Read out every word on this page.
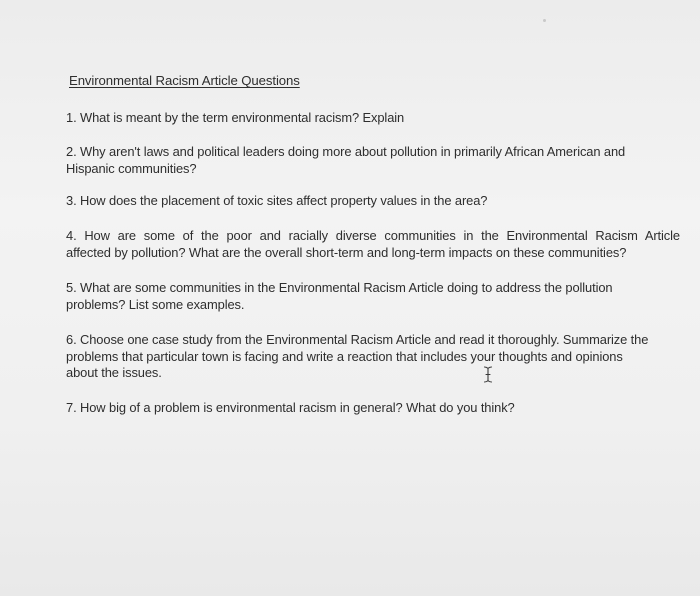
Environmental Racism Article Questions
1. What is meant by the term environmental racism? Explain
2. Why aren't laws and political leaders doing more about pollution in primarily African American and
Hispanic communities?
3. How does the placement of toxic sites affect property values in the area?
4. How are some of the poor and racially diverse communities in the Environmental Racism Article
affected by pollution? What are the overall short-term and long-term impacts on these communities?
5. What are some communities in the Environmental Racism Article doing to address the pollution
problems? List some examples.
6. Choose one case study from the Environmental Racism Article and read it thoroughly. Summarize the
problems that particular town is facing and write a reaction that includes your thoughts and opinions
about the issues.
7. How big of a problem is environmental racism in general? What do you think?
